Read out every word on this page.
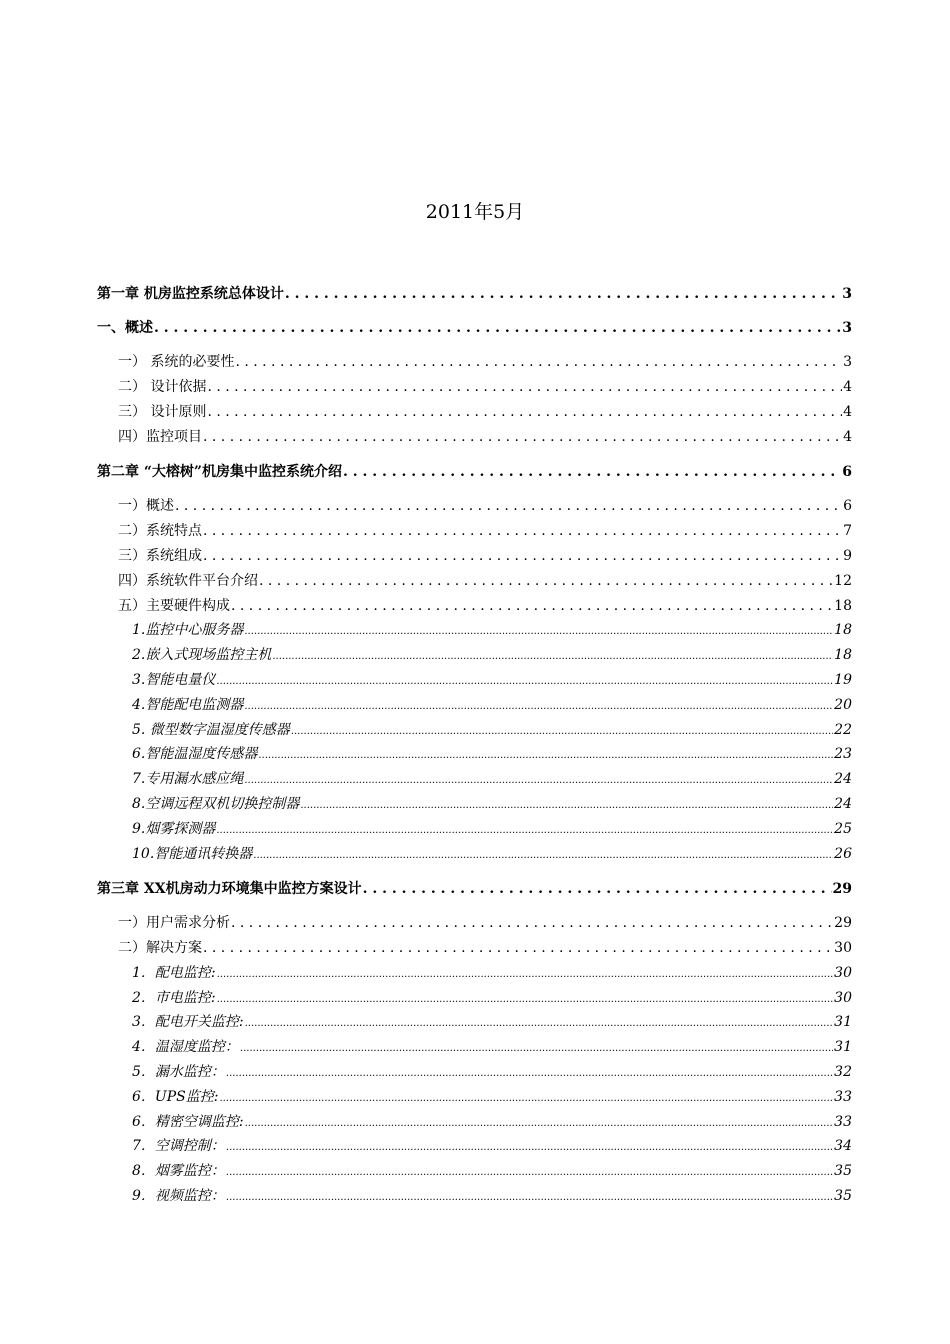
2011年5月
第一章 机房监控系统总体设计 . . .	3
一、概述 . . .	3
一） 系统的必要性 . . .	3
二） 设计依据 . . .	4
三） 设计原则 . . .	4
四）监控项目 . . .	4
第二章 “大榕树”机房集中监控系统介绍 . . .	6
一）概述 . . .	6
二）系统特点 . . .	7
三）系统组成 . . .	9
四）系统软件平台介绍 . . .	12
五）主要硬件构成 . . .	18
1.监控中心服务器 .....	18
2.嵌入式现场监控主机 .....	18
3.智能电量仪 .....	19
4.智能配电监测器 .....	20
5. 微型数字温湿度传感器 .....	22
6.智能温湿度传感器 .....	23
7.专用漏水感应绳 .....	24
8.空调远程双机切换控制器 .....	24
9.烟雾探测器 .....	25
10.智能通讯转换器 .....	26
第三章 XX机房动力环境集中监控方案设计 . . .	29
一）用户需求分析 . . .	29
二）解决方案 . . .	30
1．配电监控: .....	30
2．市电监控: .....	30
3．配电开关监控: .....	31
4．温湿度监控： .....	31
5．漏水监控： .....	32
6．UPS监控: .....	33
6．精密空调监控: .....	33
7．空调控制： .....	34
8．烟雾监控： .....	35
9．视频监控： .....	35
